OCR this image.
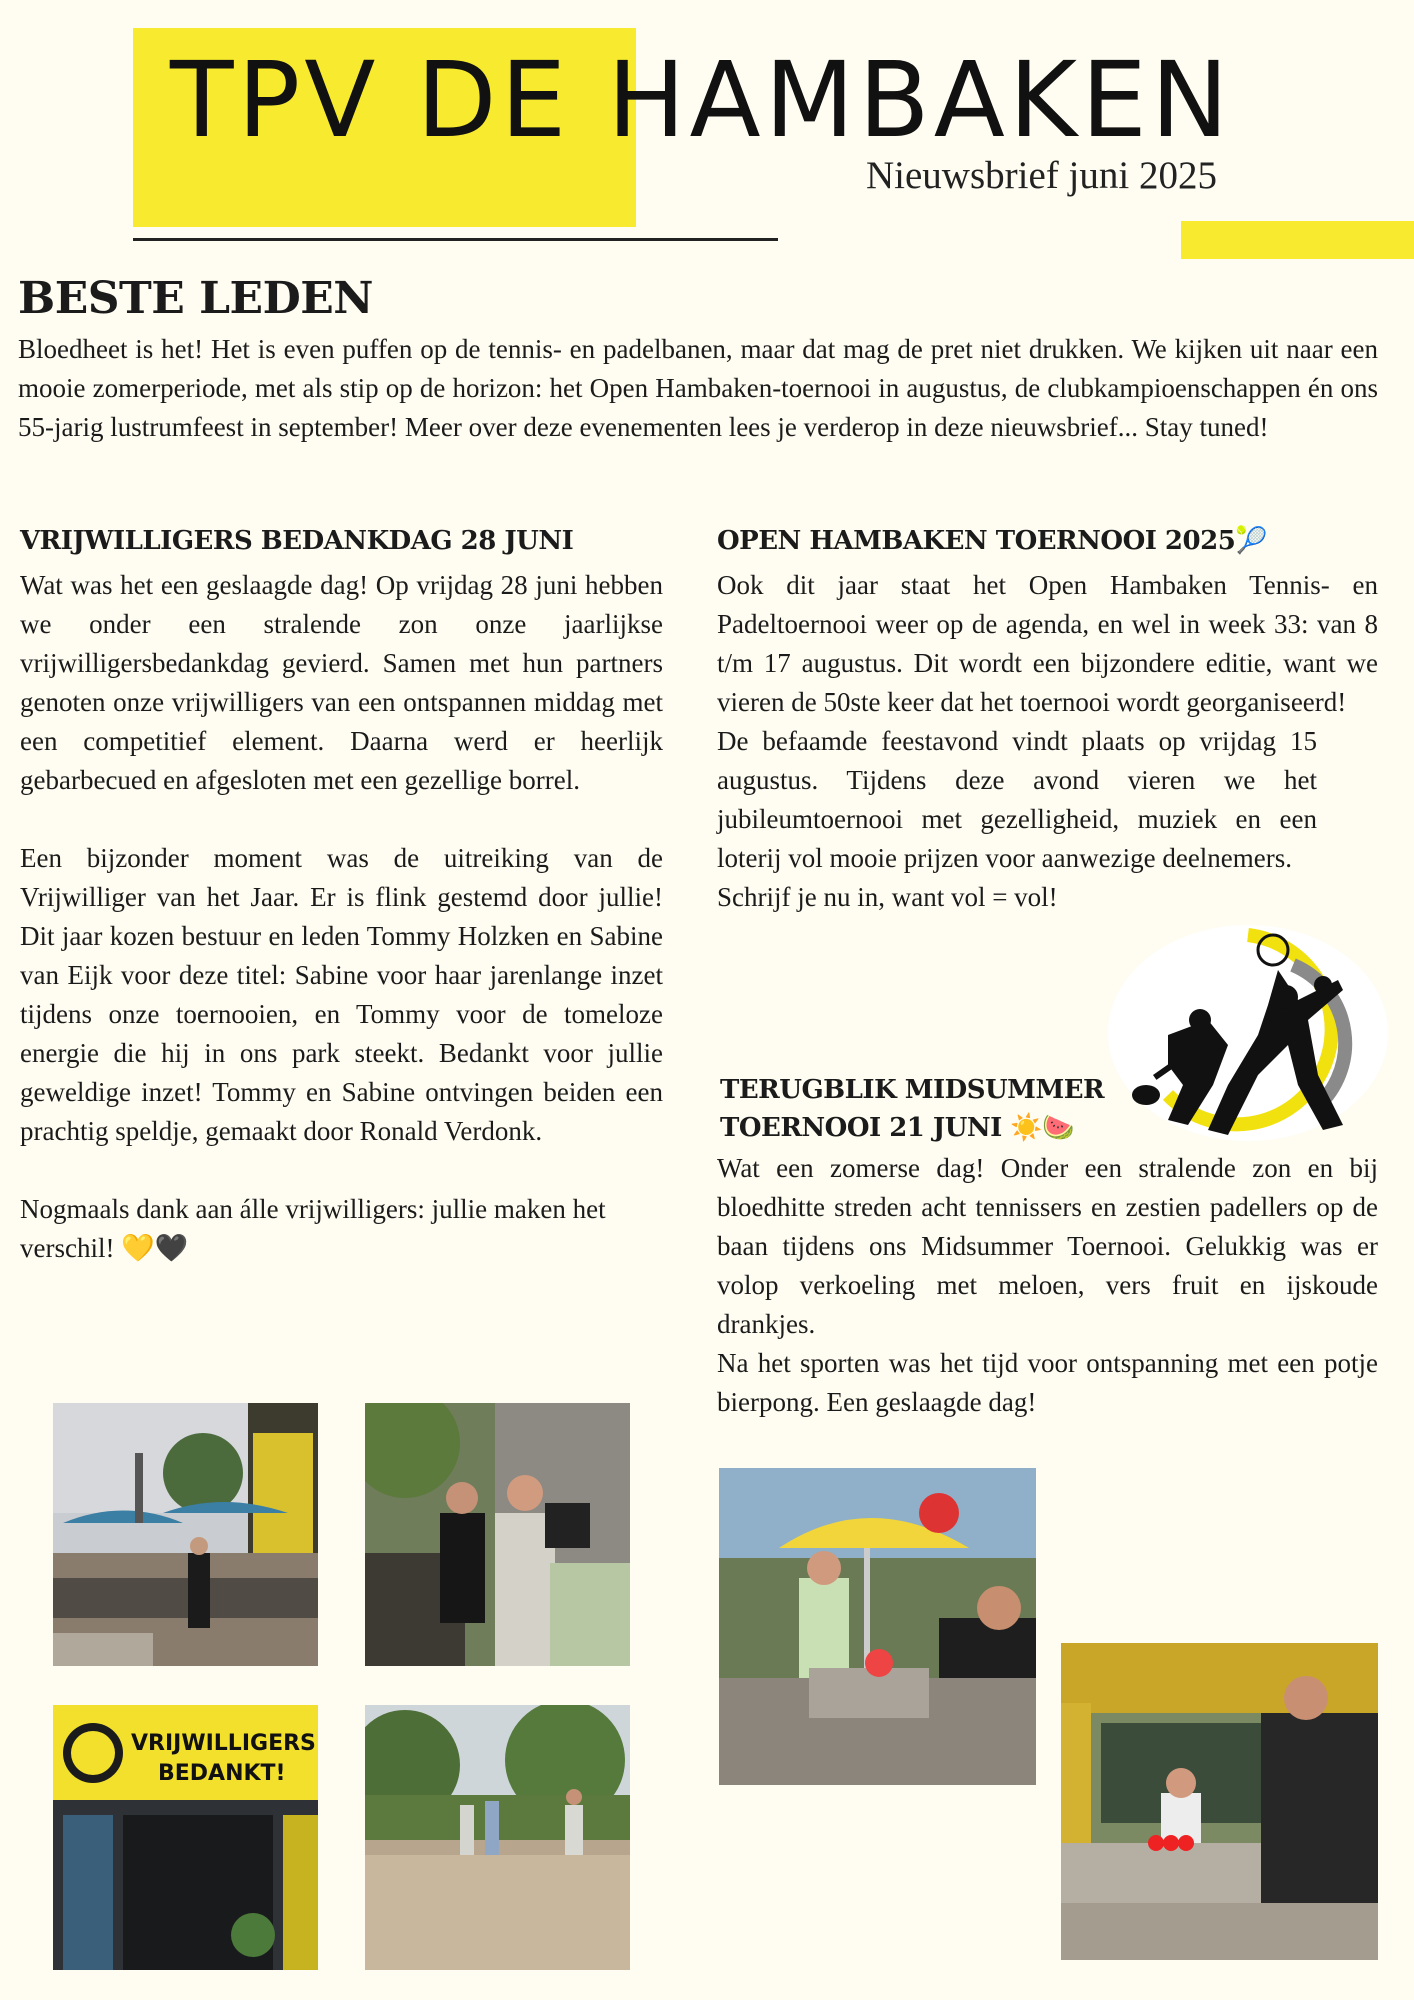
TPV DE HAMBAKEN
Nieuwsbrief juni 2025
BESTE LEDEN

Bloedheet is het! Het is even puffen op de tennis- en padelbanen, maar dat mag de pret niet drukken. We kijken uit naar een mooie zomerperiode, met als stip op de horizon: het Open Hambaken-toernooi in augustus, de clubkampioenschappen én ons 55-jarig lustrumfeest in september! Meer over deze evenementen lees je verderop in deze nieuwsbrief... Stay tuned!

VRIJWILLIGERS BEDANKDAG 28 JUNI

Wat was het een geslaagde dag! Op vrijdag 28 juni hebben we onder een stralende zon onze jaarlijkse vrijwilligersbedankdag gevierd. Samen met hun partners genoten onze vrijwilligers van een ontspannen middag met een competitief element. Daarna werd er heerlijk gebarbecued en afgesloten met een gezellige borrel.

Een bijzonder moment was de uitreiking van de Vrijwilliger van het Jaar. Er is flink gestemd door jullie! Dit jaar kozen bestuur en leden Tommy Holzken en Sabine van Eijk voor deze titel: Sabine voor haar jarenlange inzet tijdens onze toernooien, en Tommy voor de tomeloze energie die hij in ons park steekt. Bedankt voor jullie geweldige inzet! Tommy en Sabine ontvingen beiden een prachtig speldje, gemaakt door Ronald Verdonk.

Nogmaals dank aan álle vrijwilligers: jullie maken het verschil! 💛🖤

VRIJWILLIGERS
BEDANKT!
OPEN HAMBAKEN TOERNOOI 2025🎾

Ook dit jaar staat het Open Hambaken Tennis- en Padeltoernooi weer op de agenda, en wel in week 33: van 8 t/m 17 augustus. Dit wordt een bijzondere editie, want we vieren de 50ste keer dat het toernooi wordt georganiseerd!

De befaamde feestavond vindt plaats op vrijdag 15 augustus. Tijdens deze avond vieren we het jubileumtoernooi met gezelligheid, muziek en een loterij vol mooie prijzen voor aanwezige deelnemers.

Schrijf je nu in, want vol = vol!

TERUGBLIK MIDSUMMER
TOERNOOI 21 JUNI ☀️🍉

Wat een zomerse dag! Onder een stralende zon en bij bloedhitte streden acht tennissers en zestien padellers op de baan tijdens ons Midsummer Toernooi. Gelukkig was er volop verkoeling met meloen, vers fruit en ijskoude drankjes.

Na het sporten was het tijd voor ontspanning met een potje bierpong. Een geslaagde dag!
